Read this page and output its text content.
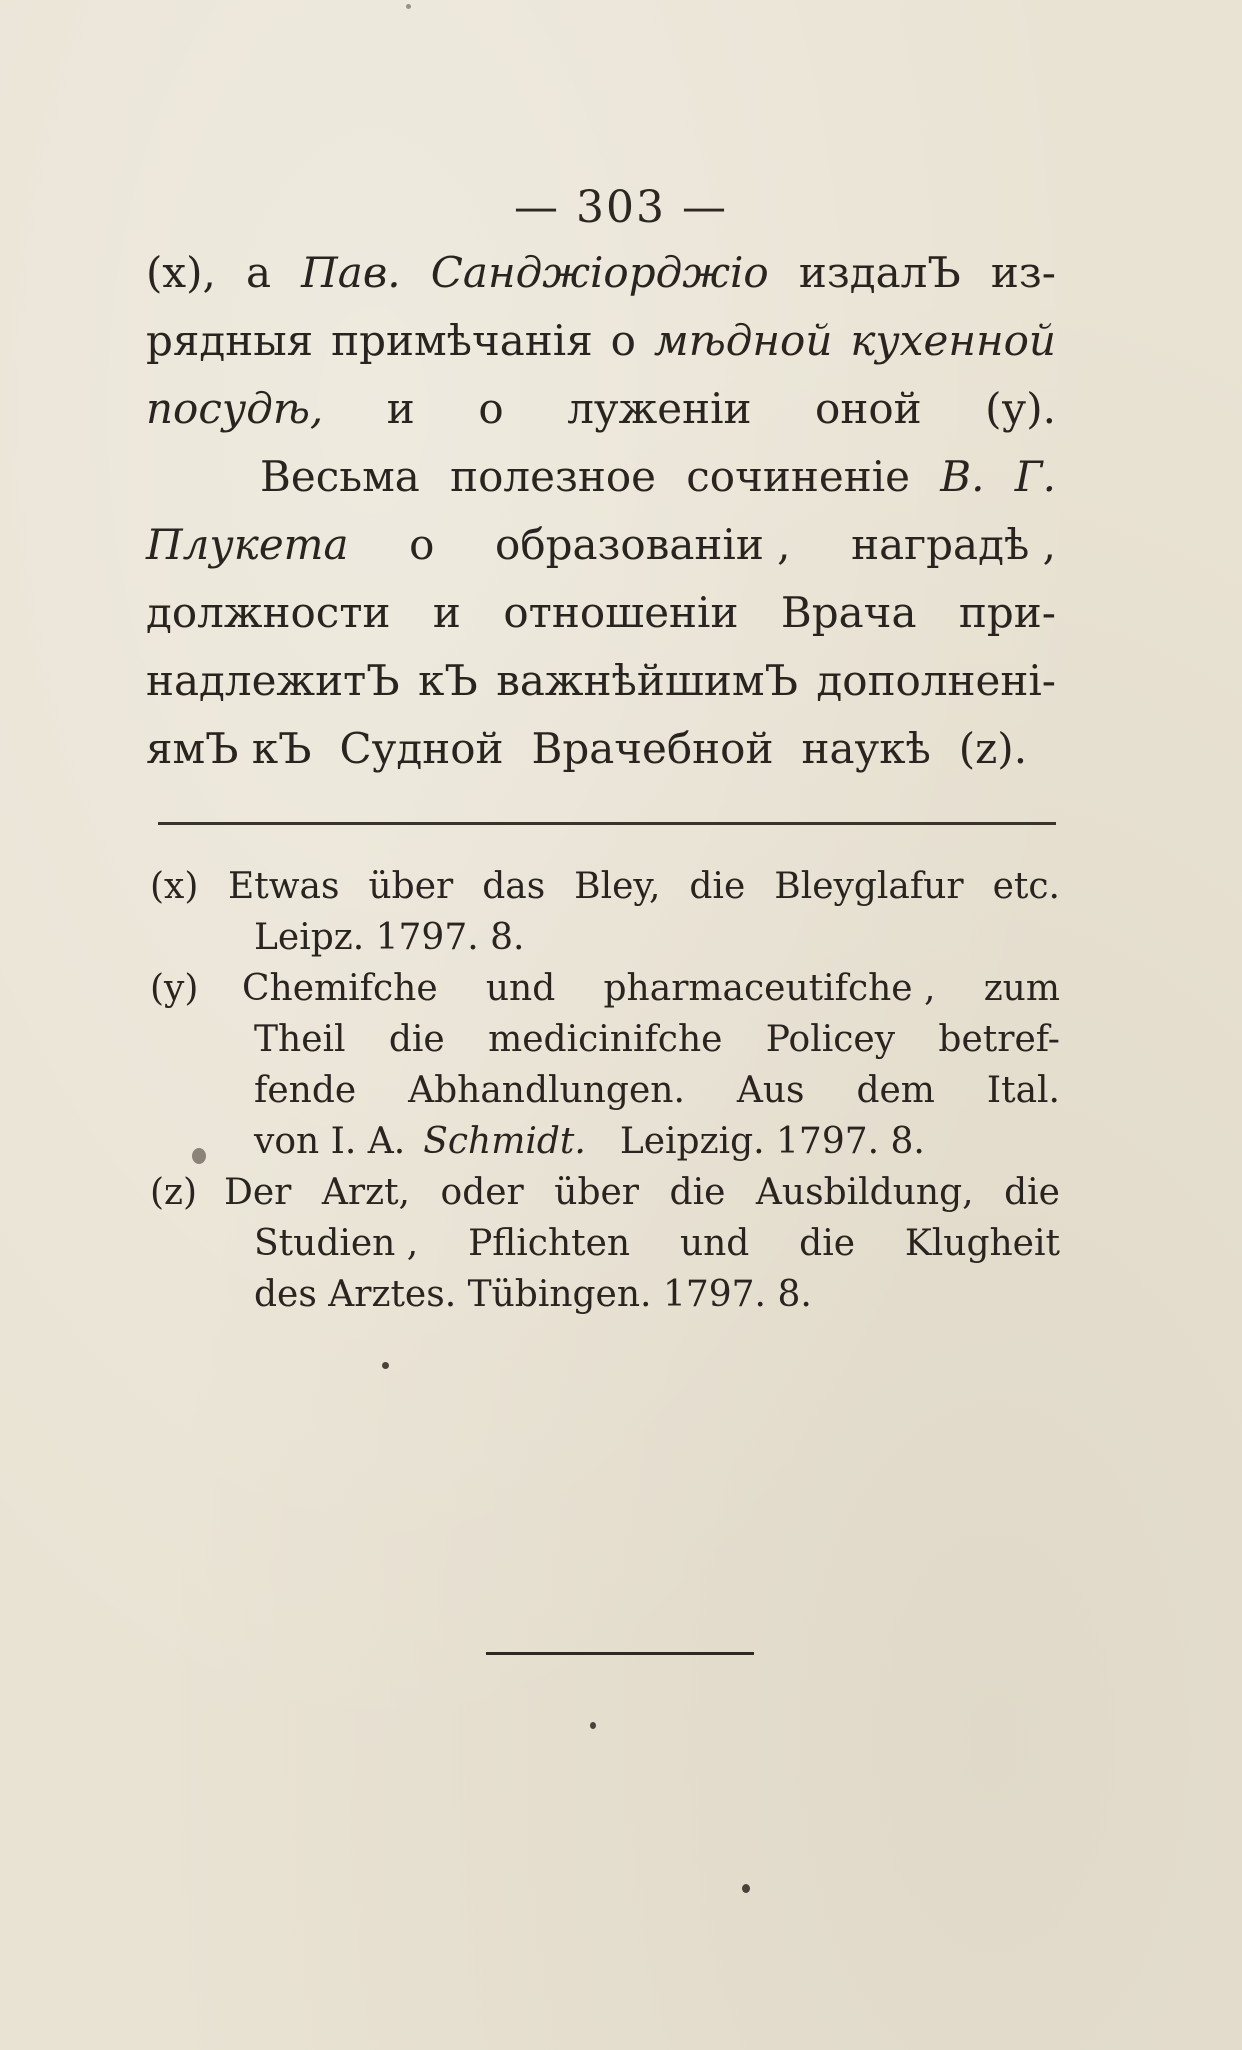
— 303 —
(x), а Пав. Санджіорджіо издалЪ из-
рядныя примѣчанія о мѣдной кухенной
посудѣ, и о луженіи оной (у).
Весьма полезное сочиненіе В. Г.
Плукета о образованіи , наградѣ ,
должности и отношеніи Врача при-
надлежитЪ кЪ важнѣйшимЪ дополнені-
ямЪ кЪ Судной Врачебной наукѣ (z).
(x) Etwas über das Bley, die Bleyglafur etc.
Leipz. 1797. 8.
(y)	Chemifche und pharmaceutifche , zum
Theil die medicinifche Policey betref-
fende Abhandlungen. Aus dem Ital.
von I. A. Schmidt. Leipzig. 1797. 8.
(z) Der Arzt, oder über die Ausbildung, die
Studien , Pflichten und die Klugheit
des Arztes. Tübingen. 1797. 8.
